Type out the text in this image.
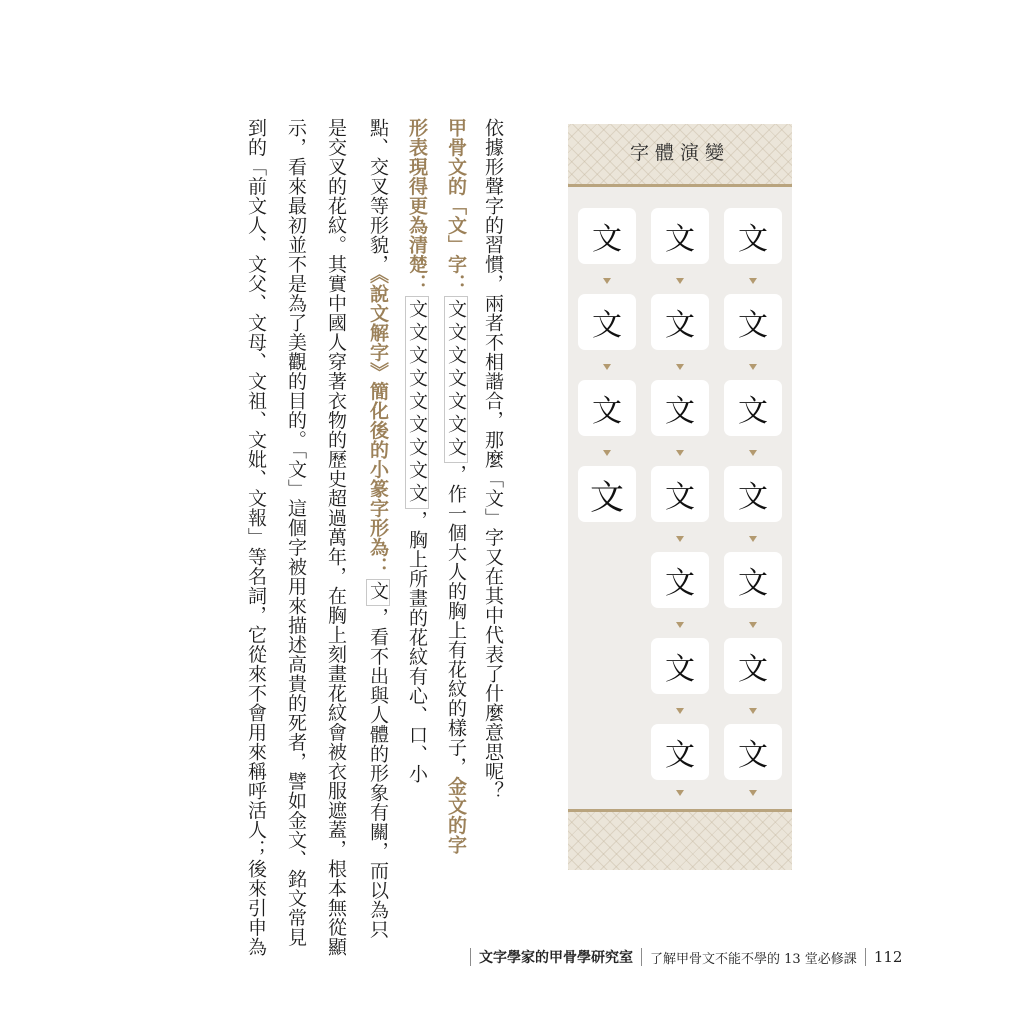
依據形聲字的習慣，兩者不相諧合，那麼「文」字又在其中代表了什麼意思呢？
甲骨文的「文」字：文文文文文文文，作一個大人的胸上有花紋的樣子，金文的字
形表現得更為清楚：文文文文文文文文文，胸上所畫的花紋有心、口、小
點、交叉等形貌，《說文解字》簡化後的小篆字形為：文，看不出與人體的形象有關，而以為只
是交叉的花紋。其實中國人穿著衣物的歷史超過萬年，在胸上刻畫花紋會被衣服遮蓋，根本無從顯
示，看來最初並不是為了美觀的目的。「文」這個字被用來描述高貴的死者，譬如金文、銘文常見
到的「前文人、文父、文母、文祖、文妣、文報」等名詞，它從來不會用來稱呼活人；後來引申為	字體演變
文
文
文
文
文
文
文
文
文
文
文
文
文
文
文
文
文
文
文字學家的甲骨學研究室 了解甲骨文不能不學的 13 堂必修課 112
